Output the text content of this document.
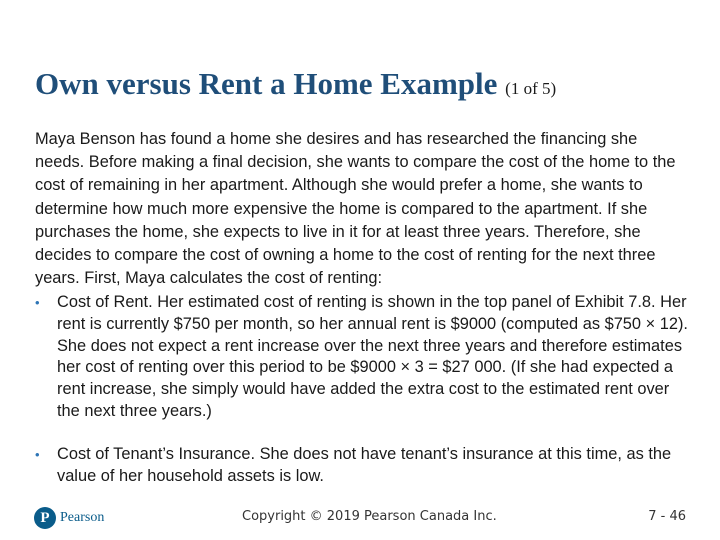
Own versus Rent a Home Example (1 of 5)

Maya Benson has found a home she desires and has researched the financing she needs. Before making a final decision, she wants to compare the cost of the home to the cost of remaining in her apartment. Although she would prefer a home, she wants to determine how much more expensive the home is compared to the apartment. If she purchases the home, she expects to live in it for at least three years. Therefore, she decides to compare the cost of owning a home to the cost of renting for the next three years. First, Maya calculates the cost of renting:

• Cost of Rent. Her estimated cost of renting is shown in the top panel of Exhibit 7.8. Her rent is currently $750 per month, so her annual rent is $9000 (computed as $750 × 12). She does not expect a rent increase over the next three years and therefore estimates her cost of renting over this period to be $9000 × 3 = $27 000. (If she had expected a rent increase, she simply would have added the extra cost to the estimated rent over the next three years.)
• Cost of Tenant’s Insurance. She does not have tenant’s insurance at this time, as the value of her household assets is low.
P Pearson	Copyright © 2019 Pearson Canada Inc.	7 - 46
